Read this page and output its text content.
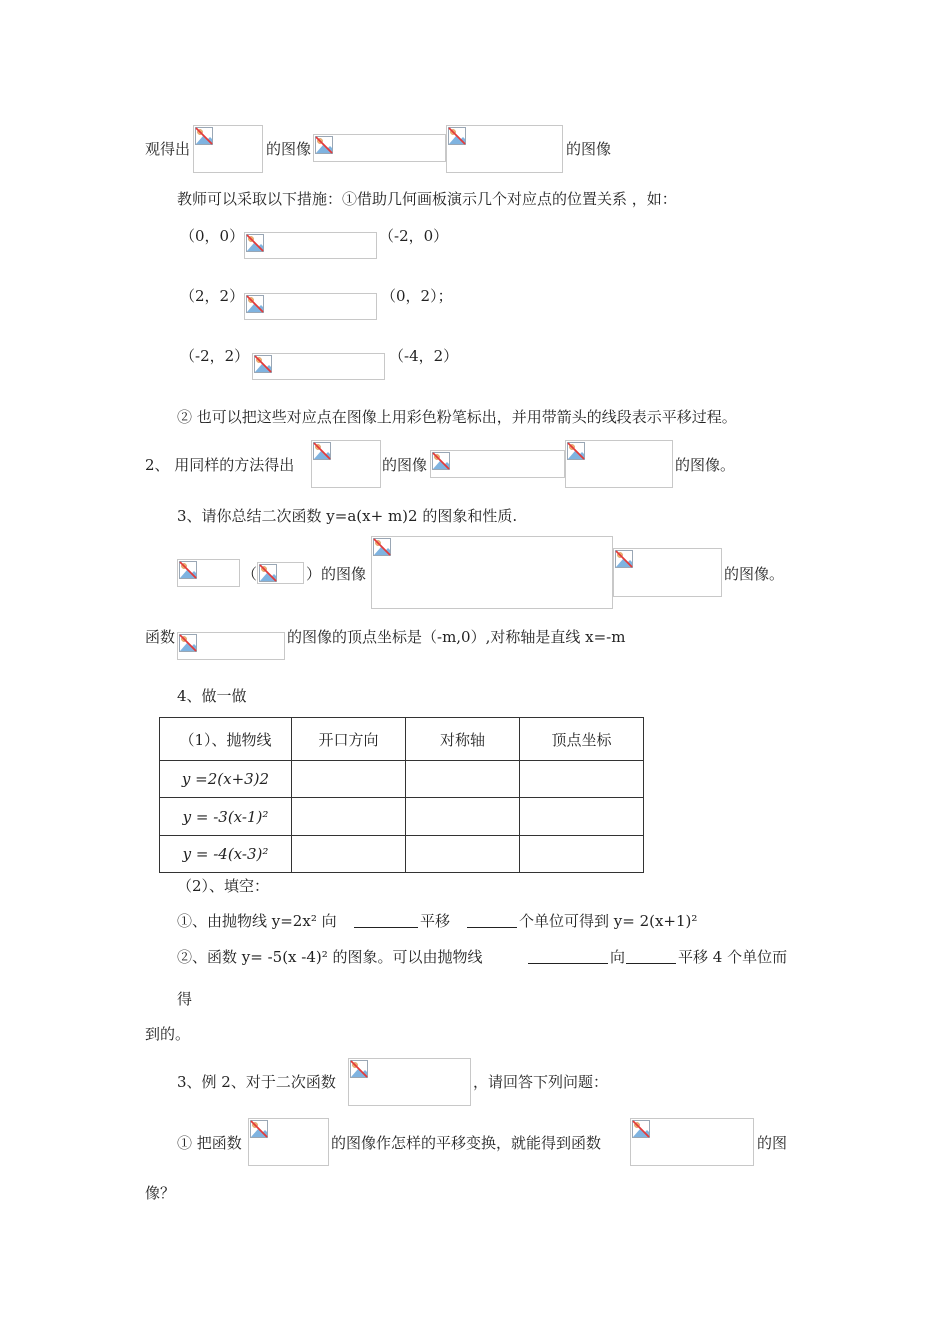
观得出	的图像	的图像
教师可以采取以下措施：①借助几何画板演示几个对应点的位置关系 ，如：
（0，0）	（-2，0）
（2，2）	（0，2）；
（-2，2）	（-4，2）
② 也可以把这些对应点在图像上用彩色粉笔标出，并用带箭头的线段表示平移过程。
2、 用同样的方法得出	的图像	的图像。
3、请你总结二次函数 y=a(x+ m)2 的图象和性质.
（	）的图像	的图像。
函数	的图像的顶点坐标是（-m,0）,对称轴是直线 x=-m
4、做一做
（1）、抛物线	开口方向	对称轴	顶点坐标
y =2(x+3)2			
y = -3(x-1)²			
y = -4(x-3)²			
（2）、填空：
①、由抛物线 y=2x² 向	平移	个单位可得到 y= 2(x+1)²
②、函数 y= -5(x -4)² 的图象。可以由抛物线	向	平移 4 个单位而
得
到的。
3、例 2、对于二次函数	，请回答下列问题：
① 把函数	的图像作怎样的平移变换，就能得到函数	的图
像？
